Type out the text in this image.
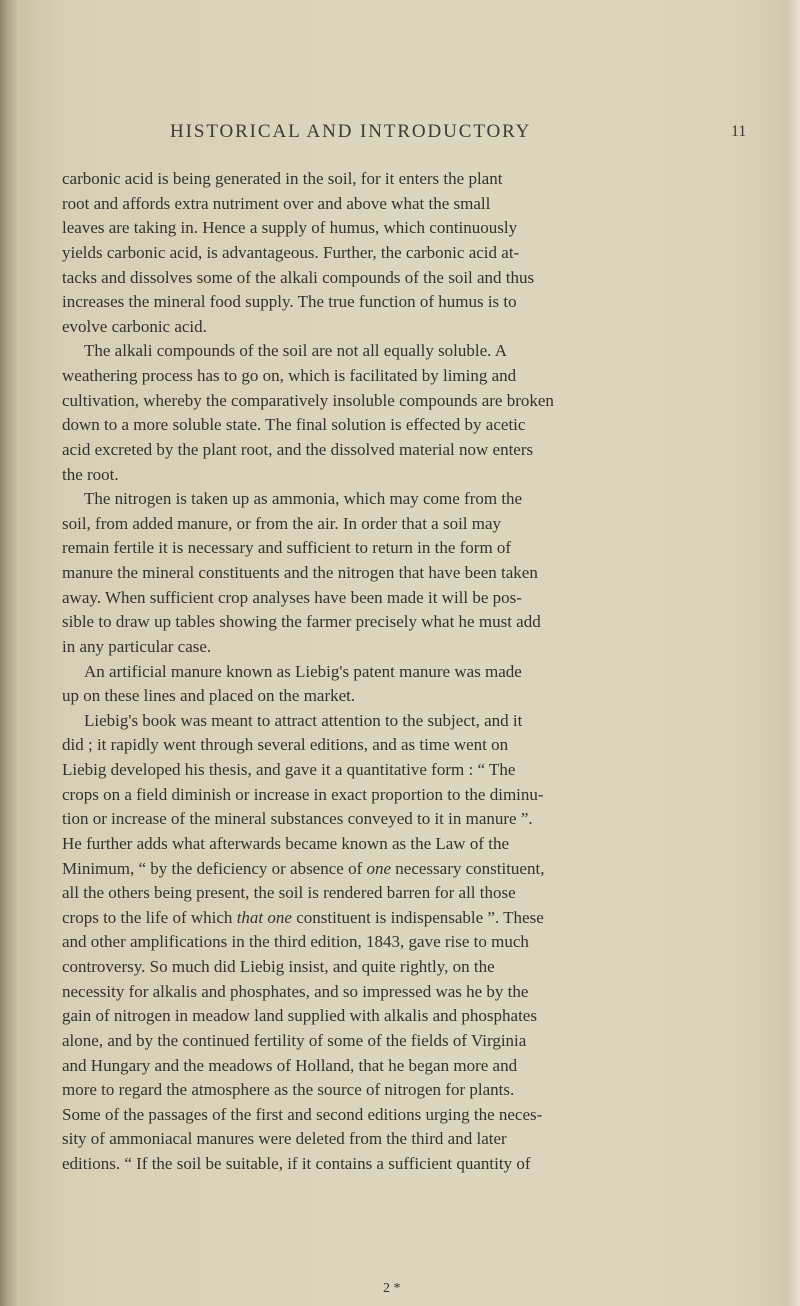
HISTORICAL AND INTRODUCTORY	11
carbonic acid is being generated in the soil, for it enters the plant
root and affords extra nutriment over and above what the small
leaves are taking in. Hence a supply of humus, which continuously
yields carbonic acid, is advantageous. Further, the carbonic acid at-
tacks and dissolves some of the alkali compounds of the soil and thus
increases the mineral food supply. The true function of humus is to
evolve carbonic acid.
The alkali compounds of the soil are not all equally soluble. A
weathering process has to go on, which is facilitated by liming and
cultivation, whereby the comparatively insoluble compounds are broken
down to a more soluble state. The final solution is effected by acetic
acid excreted by the plant root, and the dissolved material now enters
the root.
The nitrogen is taken up as ammonia, which may come from the
soil, from added manure, or from the air. In order that a soil may
remain fertile it is necessary and sufficient to return in the form of
manure the mineral constituents and the nitrogen that have been taken
away. When sufficient crop analyses have been made it will be pos-
sible to draw up tables showing the farmer precisely what he must add
in any particular case.
An artificial manure known as Liebig's patent manure was made
up on these lines and placed on the market.
Liebig's book was meant to attract attention to the subject, and it
did ; it rapidly went through several editions, and as time went on
Liebig developed his thesis, and gave it a quantitative form : “ The
crops on a field diminish or increase in exact proportion to the diminu-
tion or increase of the mineral substances conveyed to it in manure ”.
He further adds what afterwards became known as the Law of the
Minimum, “ by the deficiency or absence of one necessary constituent,
all the others being present, the soil is rendered barren for all those
crops to the life of which that one constituent is indispensable ”. These
and other amplifications in the third edition, 1843, gave rise to much
controversy. So much did Liebig insist, and quite rightly, on the
necessity for alkalis and phosphates, and so impressed was he by the
gain of nitrogen in meadow land supplied with alkalis and phosphates
alone, and by the continued fertility of some of the fields of Virginia
and Hungary and the meadows of Holland, that he began more and
more to regard the atmosphere as the source of nitrogen for plants.
Some of the passages of the first and second editions urging the neces-
sity of ammoniacal manures were deleted from the third and later
editions. “ If the soil be suitable, if it contains a sufficient quantity of
2 *
